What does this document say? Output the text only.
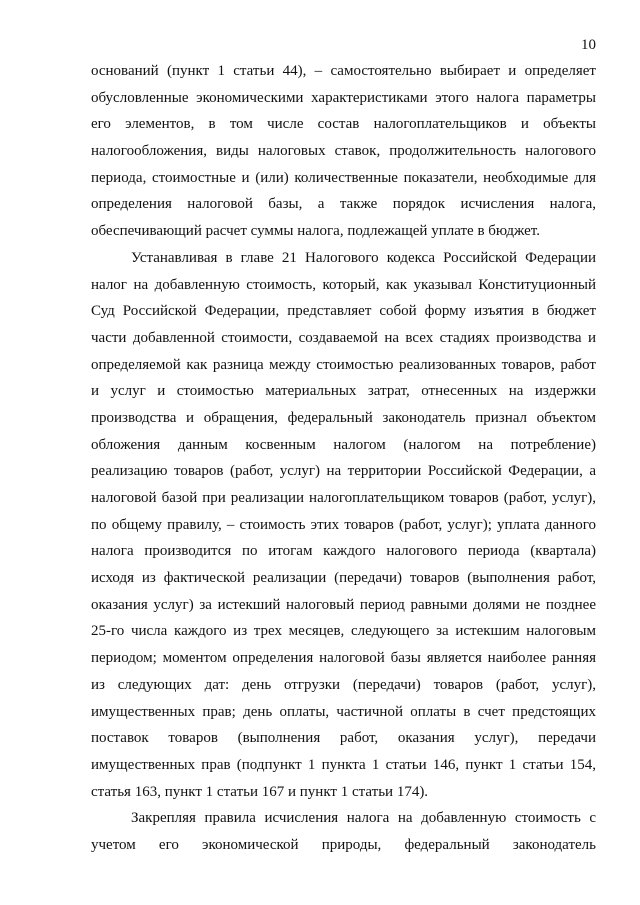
10
оснований (пункт 1 статьи 44), – самостоятельно выбирает и определяет
обусловленные экономическими характеристиками этого налога параметры
его элементов, в том числе состав налогоплательщиков и объекты
налогообложения, виды налоговых ставок, продолжительность налогового
периода, стоимостные и (или) количественные показатели, необходимые для
определения налоговой базы, а также порядок исчисления налога,
обеспечивающий расчет суммы налога, подлежащей уплате в бюджет.
Устанавливая в главе 21 Налогового кодекса Российской Федерации
налог на добавленную стоимость, который, как указывал Конституционный
Суд Российской Федерации, представляет собой форму изъятия в бюджет
части добавленной стоимости, создаваемой на всех стадиях производства и
определяемой как разница между стоимостью реализованных товаров, работ
и услуг и стоимостью материальных затрат, отнесенных на издержки
производства и обращения, федеральный законодатель признал объектом
обложения данным косвенным налогом (налогом на потребление)
реализацию товаров (работ, услуг) на территории Российской Федерации, а
налоговой базой при реализации налогоплательщиком товаров (работ, услуг),
по общему правилу, – стоимость этих товаров (работ, услуг); уплата данного
налога производится по итогам каждого налогового периода (квартала)
исходя из фактической реализации (передачи) товаров (выполнения работ,
оказания услуг) за истекший налоговый период равными долями не позднее
25-го числа каждого из трех месяцев, следующего за истекшим налоговым
периодом; моментом определения налоговой базы является наиболее ранняя
из следующих дат: день отгрузки (передачи) товаров (работ, услуг),
имущественных прав; день оплаты, частичной оплаты в счет предстоящих
поставок товаров (выполнения работ, оказания услуг), передачи
имущественных прав (подпункт 1 пункта 1 статьи 146, пункт 1 статьи 154,
статья 163, пункт 1 статьи 167 и пункт 1 статьи 174).
Закрепляя правила исчисления налога на добавленную стоимость с
учетом его экономической природы, федеральный законодатель
